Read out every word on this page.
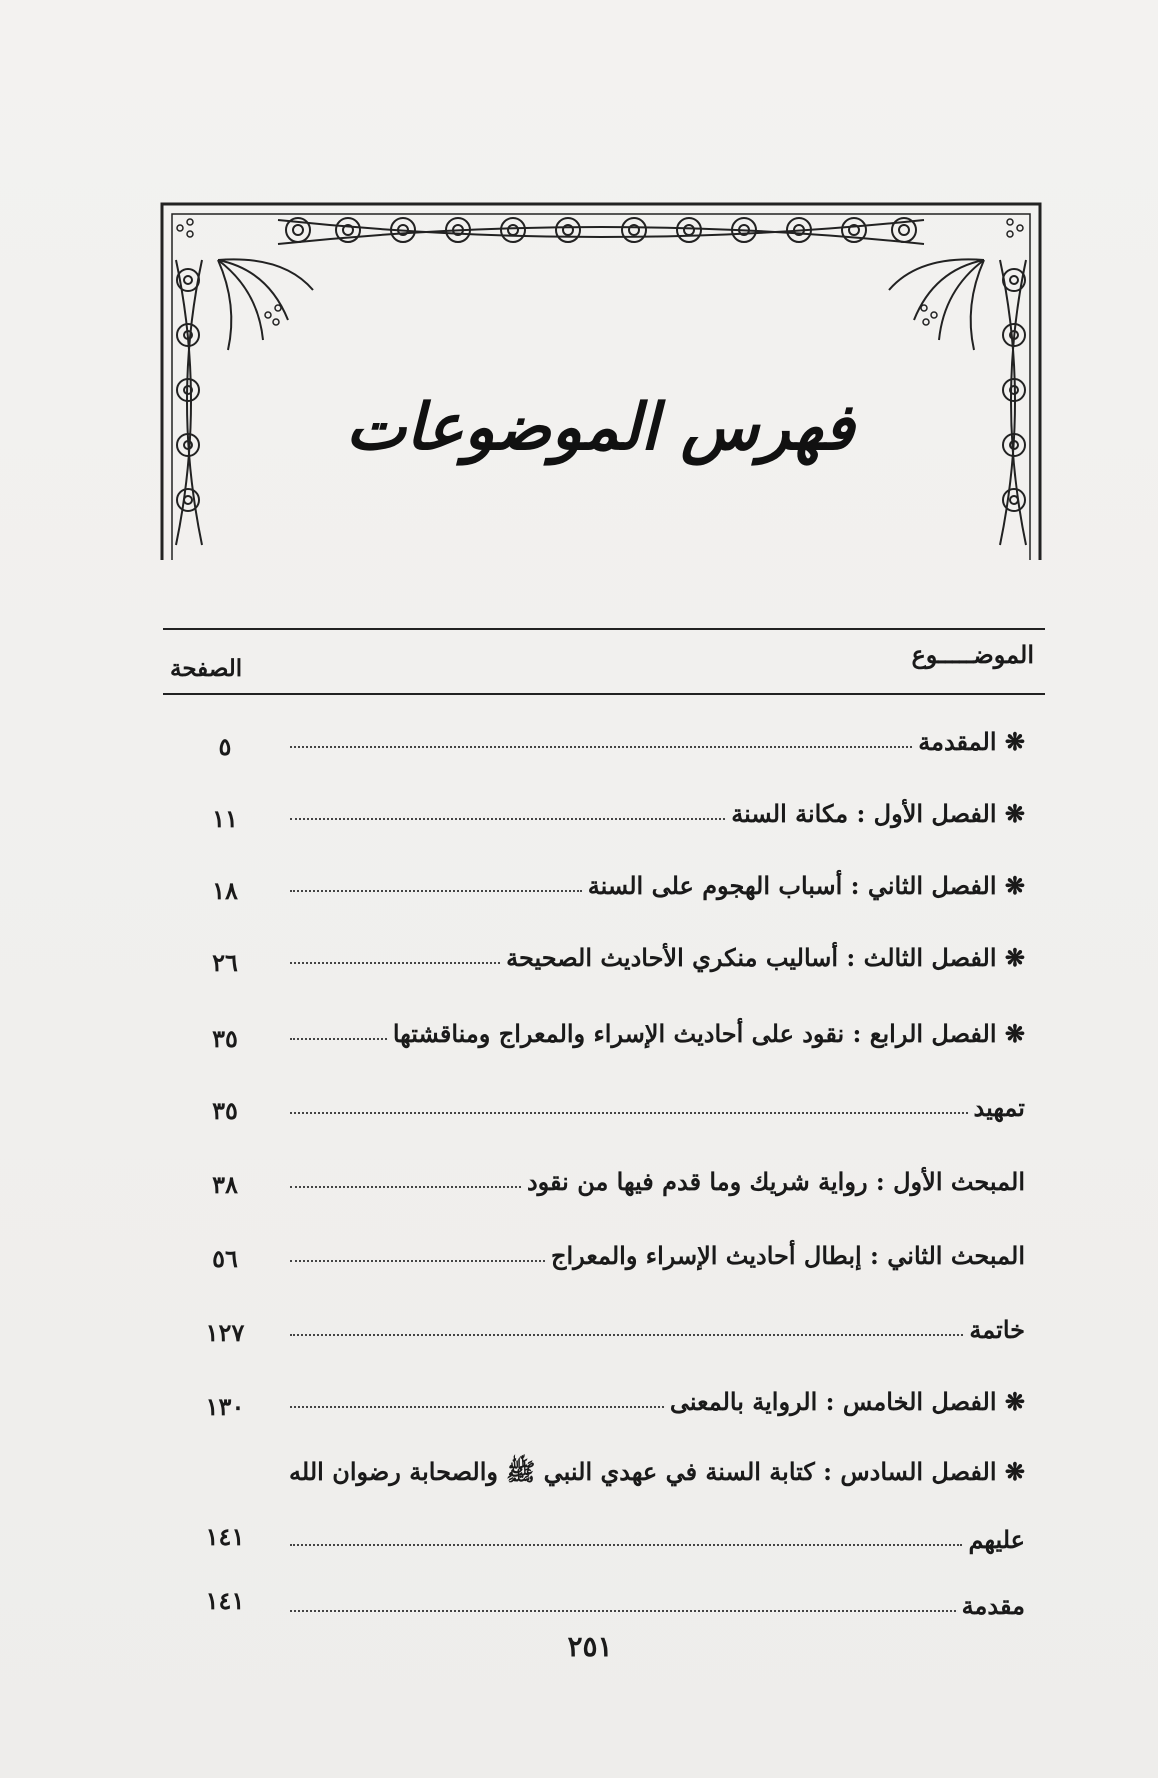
فهرس الموضوعات
الموضـــــوع
الصفحة
❋ المقدمة
٥
❋ الفصل الأول : مكانة السنة
١١
❋ الفصل الثاني : أسباب الهجوم على السنة
١٨
❋ الفصل الثالث : أساليب منكري الأحاديث الصحيحة
٢٦
❋ الفصل الرابع : نقود على أحاديث الإسراء والمعراج ومناقشتها
٣٥
تمهيد
٣٥
المبحث الأول : رواية شريك وما قدم فيها من نقود
٣٨
المبحث الثاني : إبطال أحاديث الإسراء والمعراج
٥٦
خاتمة
١٢٧
❋ الفصل الخامس : الرواية بالمعنى
١٣٠
❋ الفصل السادس : كتابة السنة في عهدي النبي ﷺ والصحابة رضوان الله
عليهم
١٤١
مقدمة
١٤١
٢٥١
